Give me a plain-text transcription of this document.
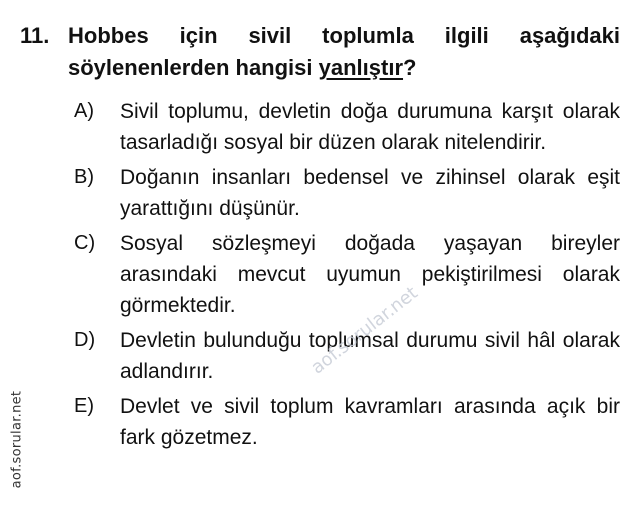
11. Hobbes için sivil toplumla ilgili aşağıdaki söylenenlerden hangisi yanlıştır?
A) Sivil toplumu, devletin doğa durumuna karşıt olarak tasarladığı sosyal bir düzen olarak nitelendirir.
B) Doğanın insanları bedensel ve zihinsel olarak eşit yarattığını düşünür.
C) Sosyal sözleşmeyi doğada yaşayan bireyler arasındaki mevcut uyumun pekiştirilmesi olarak görmektedir.
D) Devletin bulunduğu toplumsal durumu sivil hâl olarak adlandırır.
E) Devlet ve sivil toplum kavramları arasında açık bir fark gözetmez.
aof.sorular.net
aof.sorular.net
